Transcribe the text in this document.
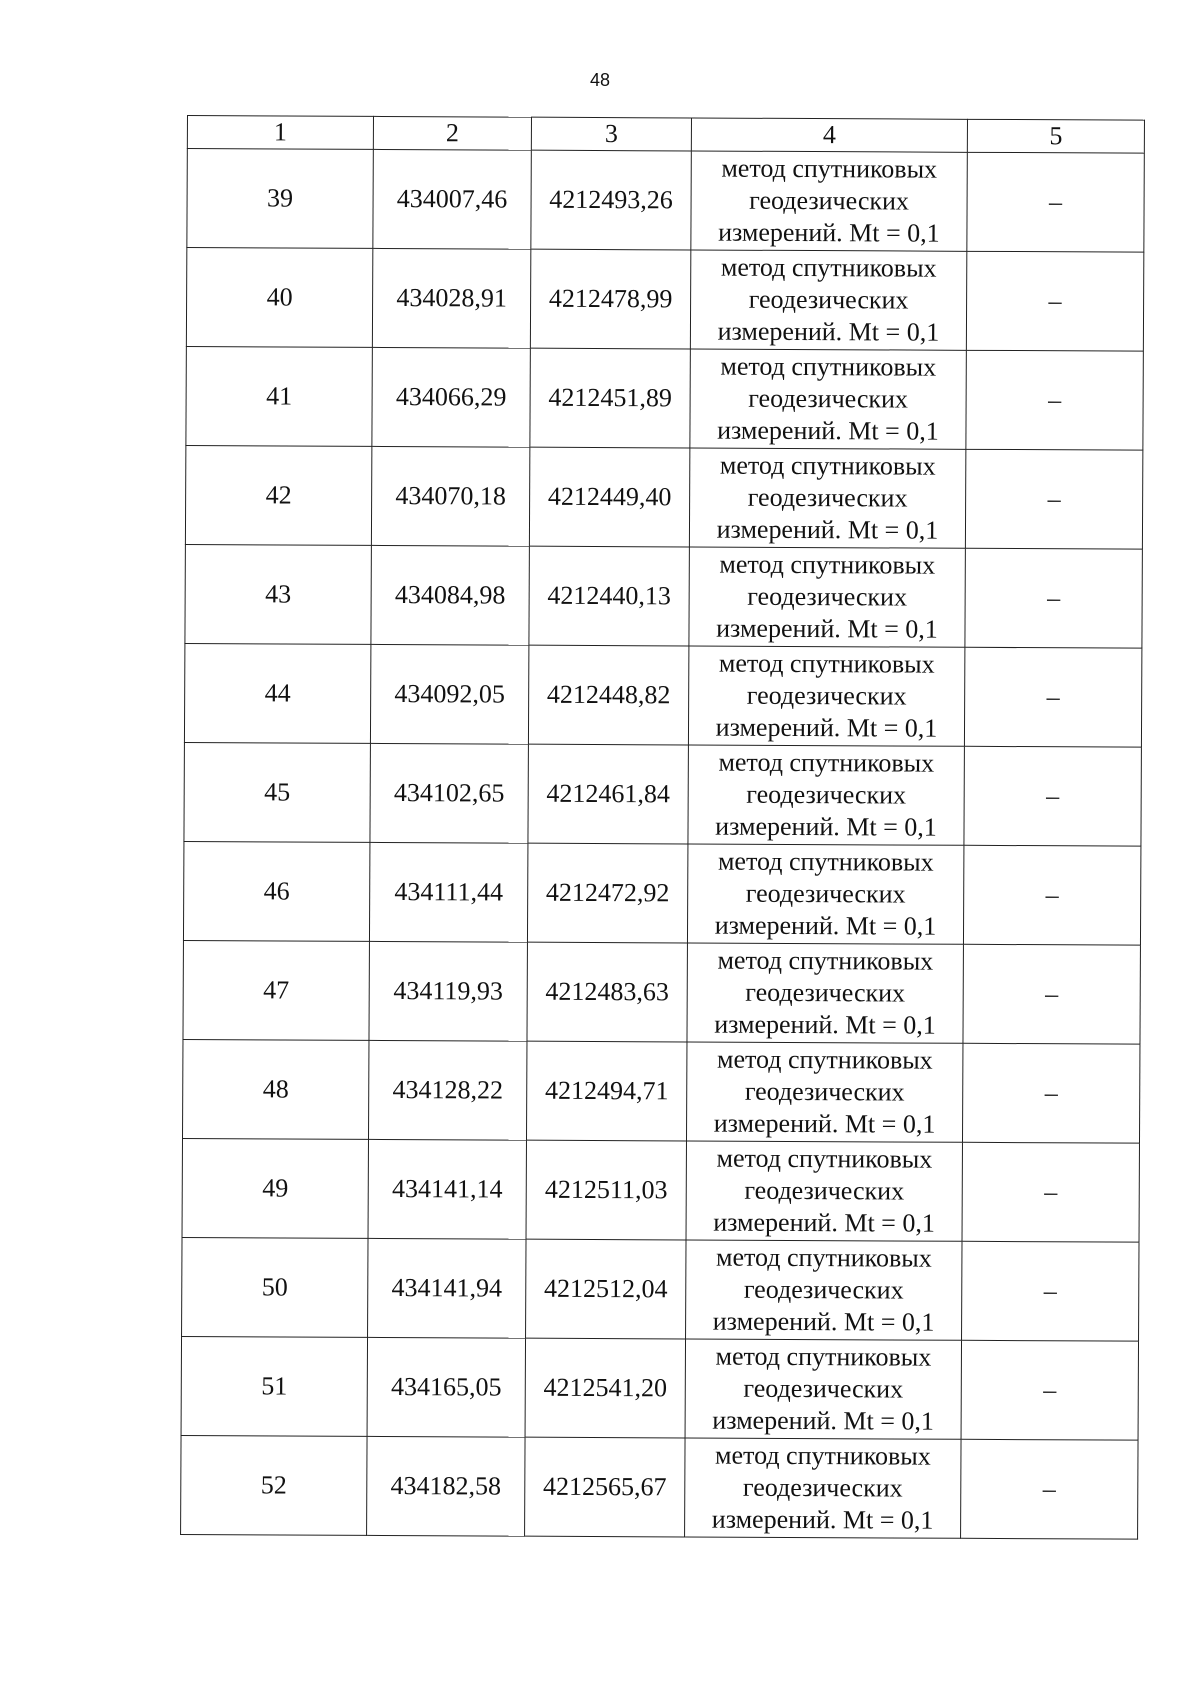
48
1	2	3	4	5
39	434007,46	4212493,26	метод спутниковых
геодезических
измерений. Mt = 0,1	–
40	434028,91	4212478,99	метод спутниковых
геодезических
измерений. Mt = 0,1	–
41	434066,29	4212451,89	метод спутниковых
геодезических
измерений. Mt = 0,1	–
42	434070,18	4212449,40	метод спутниковых
геодезических
измерений. Mt = 0,1	–
43	434084,98	4212440,13	метод спутниковых
геодезических
измерений. Mt = 0,1	–
44	434092,05	4212448,82	метод спутниковых
геодезических
измерений. Mt = 0,1	–
45	434102,65	4212461,84	метод спутниковых
геодезических
измерений. Mt = 0,1	–
46	434111,44	4212472,92	метод спутниковых
геодезических
измерений. Mt = 0,1	–
47	434119,93	4212483,63	метод спутниковых
геодезических
измерений. Mt = 0,1	–
48	434128,22	4212494,71	метод спутниковых
геодезических
измерений. Mt = 0,1	–
49	434141,14	4212511,03	метод спутниковых
геодезических
измерений. Mt = 0,1	–
50	434141,94	4212512,04	метод спутниковых
геодезических
измерений. Mt = 0,1	–
51	434165,05	4212541,20	метод спутниковых
геодезических
измерений. Mt = 0,1	–
52	434182,58	4212565,67	метод спутниковых
геодезических
измерений. Mt = 0,1	–
